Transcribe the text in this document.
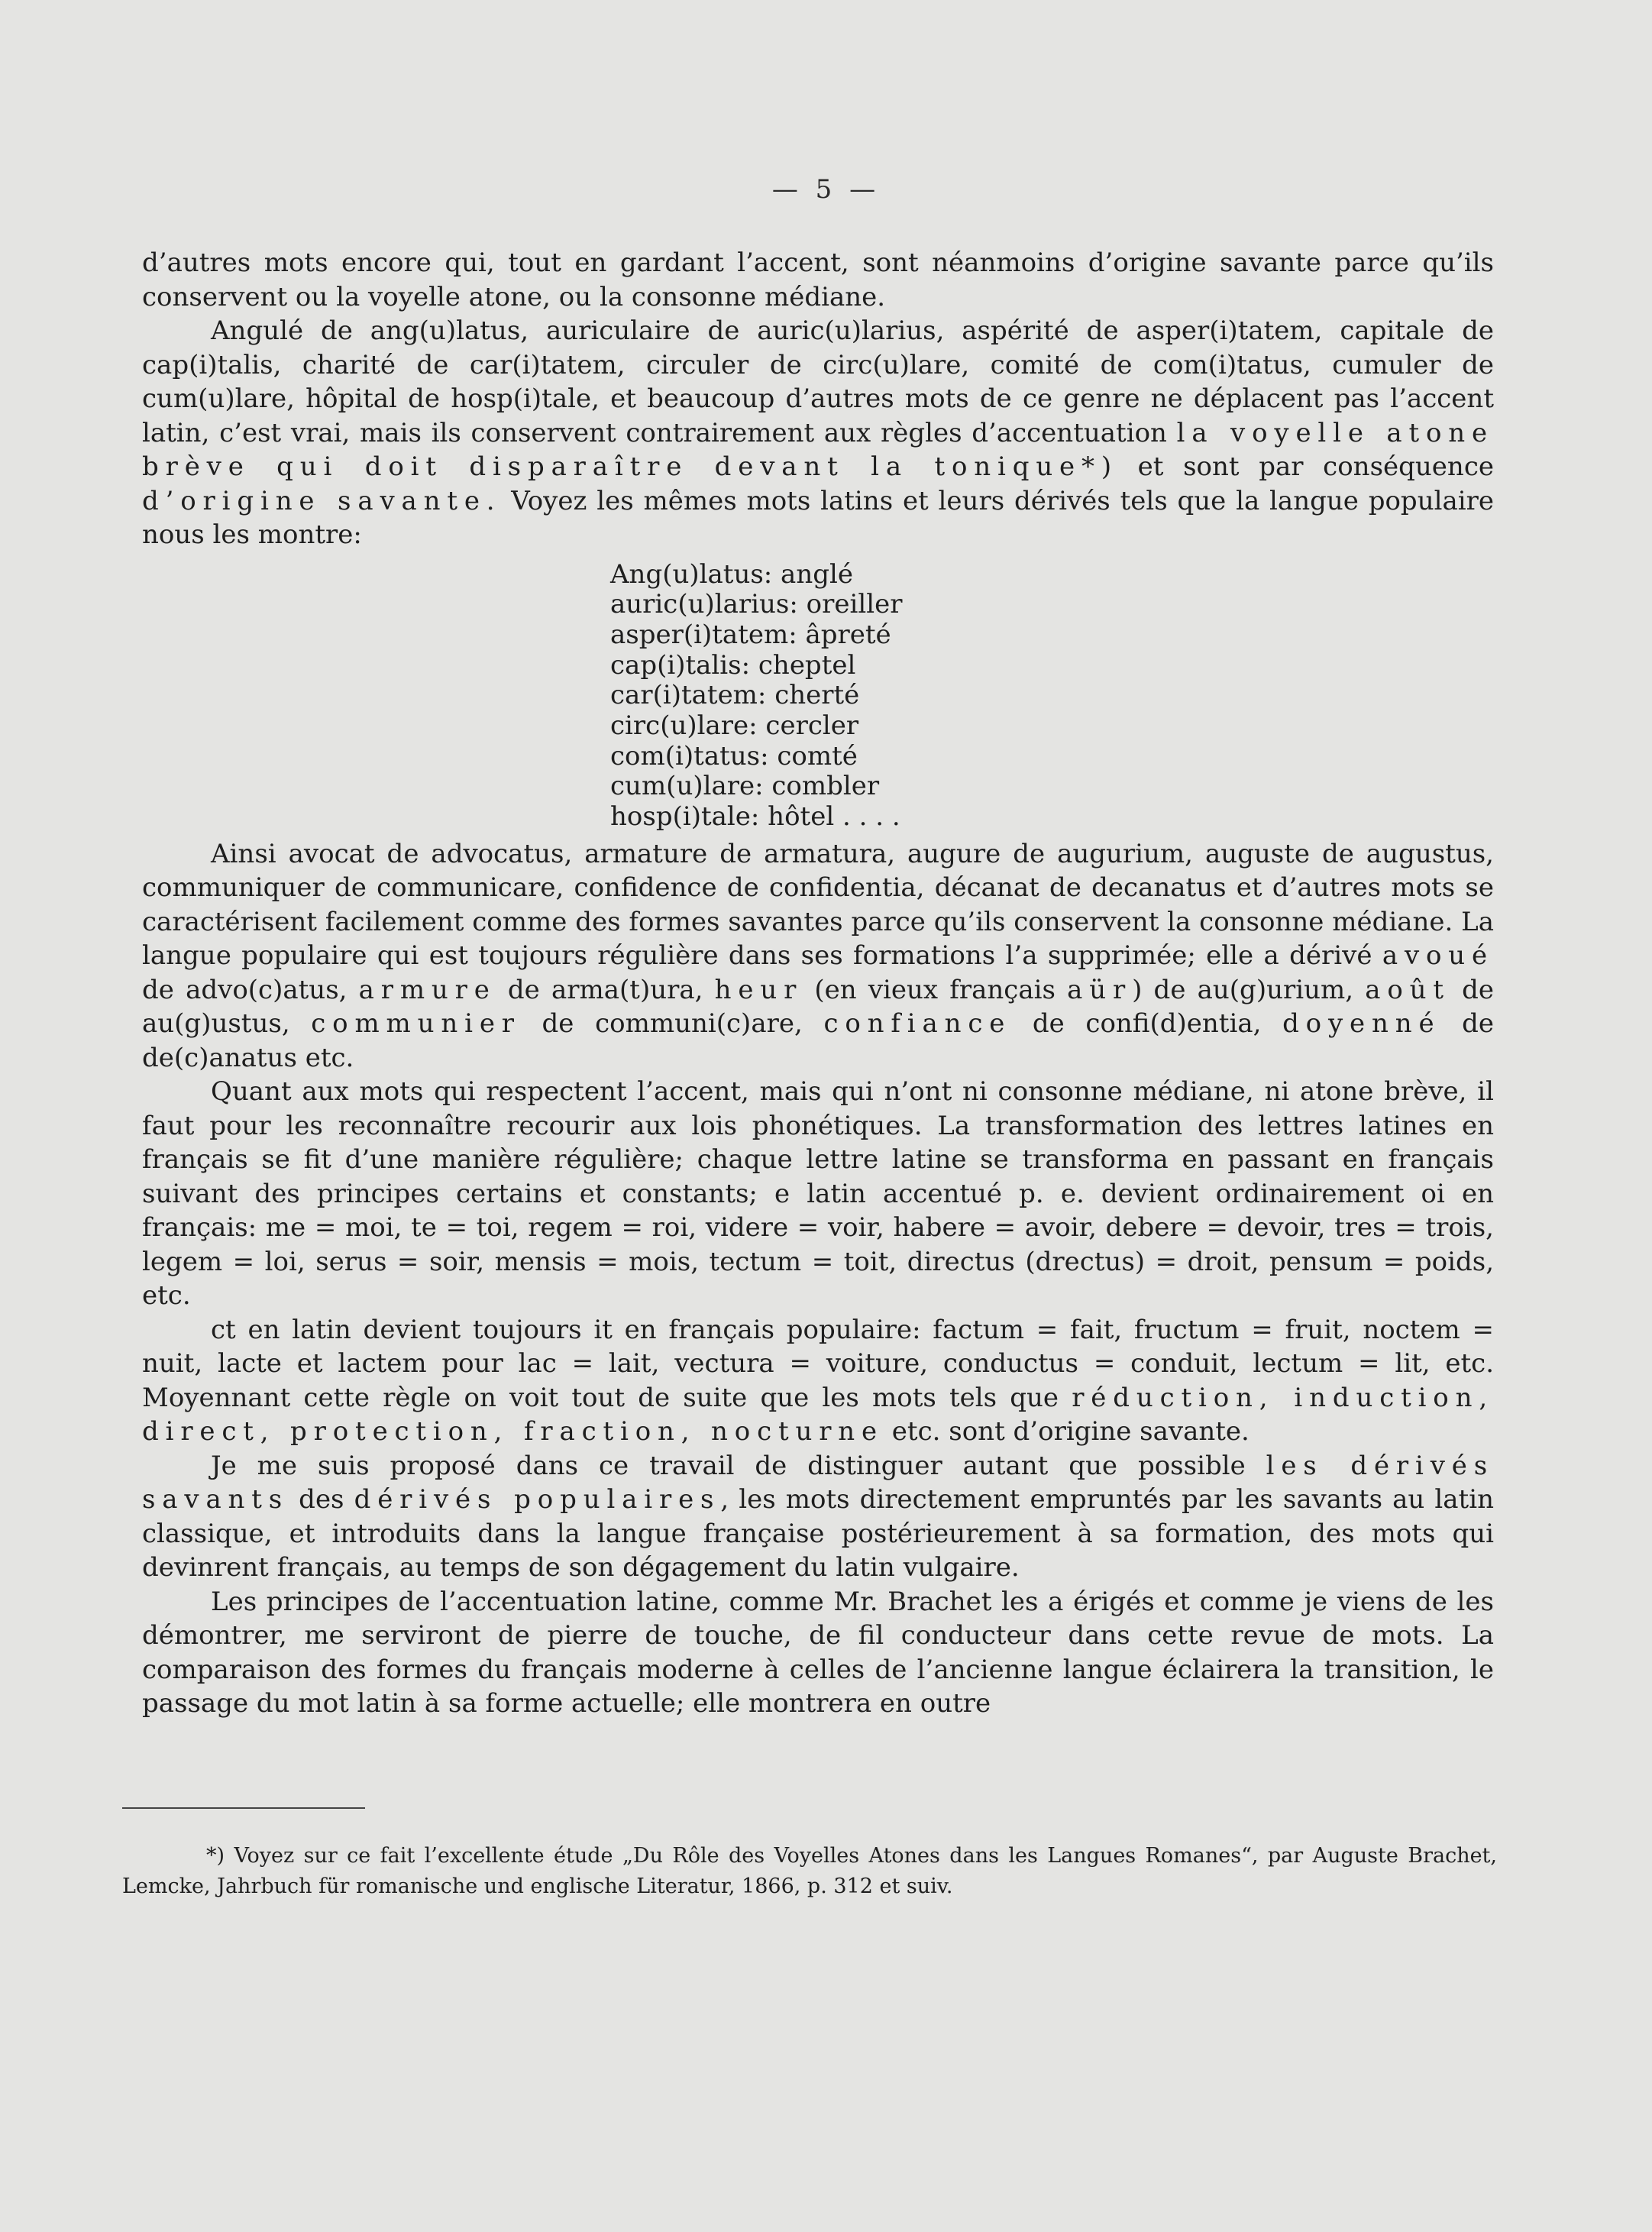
— 5 —

d’autres mots encore qui, tout en gardant l’accent, sont néanmoins d’origine savante parce qu’ils conservent ou la voyelle atone, ou la consonne médiane.

Angulé de ang(u)latus, auriculaire de auric(u)larius, aspérité de asper(i)tatem, capitale de cap(i)talis, charité de car(i)tatem, circuler de circ(u)lare, comité de com(i)tatus, cumuler de cum(u)lare, hôpital de hosp(i)tale, et beaucoup d’autres mots de ce genre ne déplacent pas l’accent latin, c’est vrai, mais ils conservent contrairement aux règles d’accentuation la voyelle atone brève qui doit disparaître devant la tonique*) et sont par conséquence d’origine savante. Voyez les mêmes mots latins et leurs dérivés tels que la langue populaire nous les montre:

Ang(u)latus: anglé
auric(u)larius: oreiller
asper(i)tatem: âpreté
cap(i)talis: cheptel
car(i)tatem: cherté
circ(u)lare: cercler
com(i)tatus: comté
cum(u)lare: combler
hosp(i)tale: hôtel . . . .

Ainsi avocat de advocatus, armature de armatura, augure de augurium, auguste de augustus, communiquer de communicare, confidence de confidentia, décanat de decanatus et d’autres mots se caractérisent facilement comme des formes savantes parce qu’ils conservent la consonne médiane. La langue populaire qui est toujours régulière dans ses formations l’a supprimée; elle a dérivé avoué de advo(c)atus, armure de arma(t)ura, heur (en vieux français aür) de au(g)urium, août de au(g)ustus, communier de communi(c)are, confiance de confi(d)entia, doyenné de de(c)anatus etc.

Quant aux mots qui respectent l’accent, mais qui n’ont ni consonne médiane, ni atone brève, il faut pour les reconnaître recourir aux lois phonétiques. La transformation des lettres latines en français se fit d’une manière régulière; chaque lettre latine se transforma en passant en français suivant des principes certains et constants; e latin accentué p. e. devient ordinairement oi en français: me = moi, te = toi, regem = roi, videre = voir, habere = avoir, debere = devoir, tres = trois, legem = loi, serus = soir, mensis = mois, tectum = toit, directus (drectus) = droit, pensum = poids, etc.

ct en latin devient toujours it en français populaire: factum = fait, fructum = fruit, noctem = nuit, lacte et lactem pour lac = lait, vectura = voiture, conductus = conduit, lectum = lit, etc. Moyennant cette règle on voit tout de suite que les mots tels que réduction, induction, direct, protection, fraction, nocturne etc. sont d’origine savante.

Je me suis proposé dans ce travail de distinguer autant que possible les dérivés savants des dérivés populaires, les mots directement empruntés par les savants au latin classique, et introduits dans la langue française postérieurement à sa formation, des mots qui devinrent français, au temps de son dégagement du latin vulgaire.

Les principes de l’accentuation latine, comme Mr. Brachet les a érigés et comme je viens de les démontrer, me serviront de pierre de touche, de fil conducteur dans cette revue de mots. La comparaison des formes du français moderne à celles de l’ancienne langue éclairera la transition, le passage du mot latin à sa forme actuelle; elle montrera en outre

*) Voyez sur ce fait l’excellente étude „Du Rôle des Voyelles Atones dans les Langues Romanes“, par Auguste Brachet, Lemcke, Jahrbuch für romanische und englische Literatur, 1866, p. 312 et suiv.
